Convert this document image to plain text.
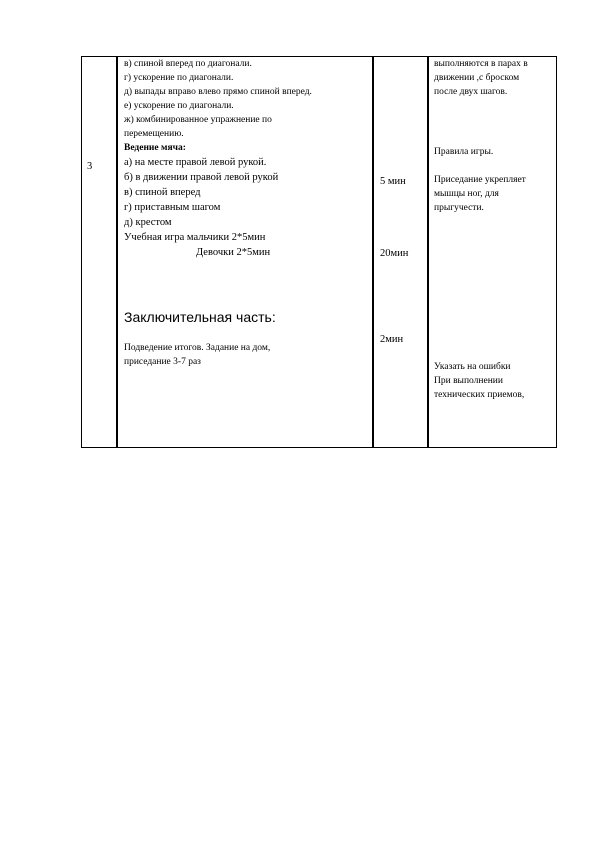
3
в) спиной вперед по диагонали.
г) ускорение по диагонали.
д) выпады вправо влево прямо спиной вперед.
е) ускорение по диагонали.
ж) комбинированное упражнение по
перемещению.
Ведение мяча:
а) на месте правой левой рукой.
б) в движении правой левой рукой
в) спиной вперед
г) приставным шагом
д) крестом
Учебная игра мальчики 2*5мин
Девочки 2*5мин
Заключительная часть:
Подведение итогов. Задание на дом,
приседание 3-7 раз
5 мин
20мин
2мин
выполняются в парах в
движении ,с броском
после двух шагов.
Правила игры.
Приседание укрепляет
мышцы ног, для
прыгучести.
Указать на ошибки
При выполнении
технических приемов,
